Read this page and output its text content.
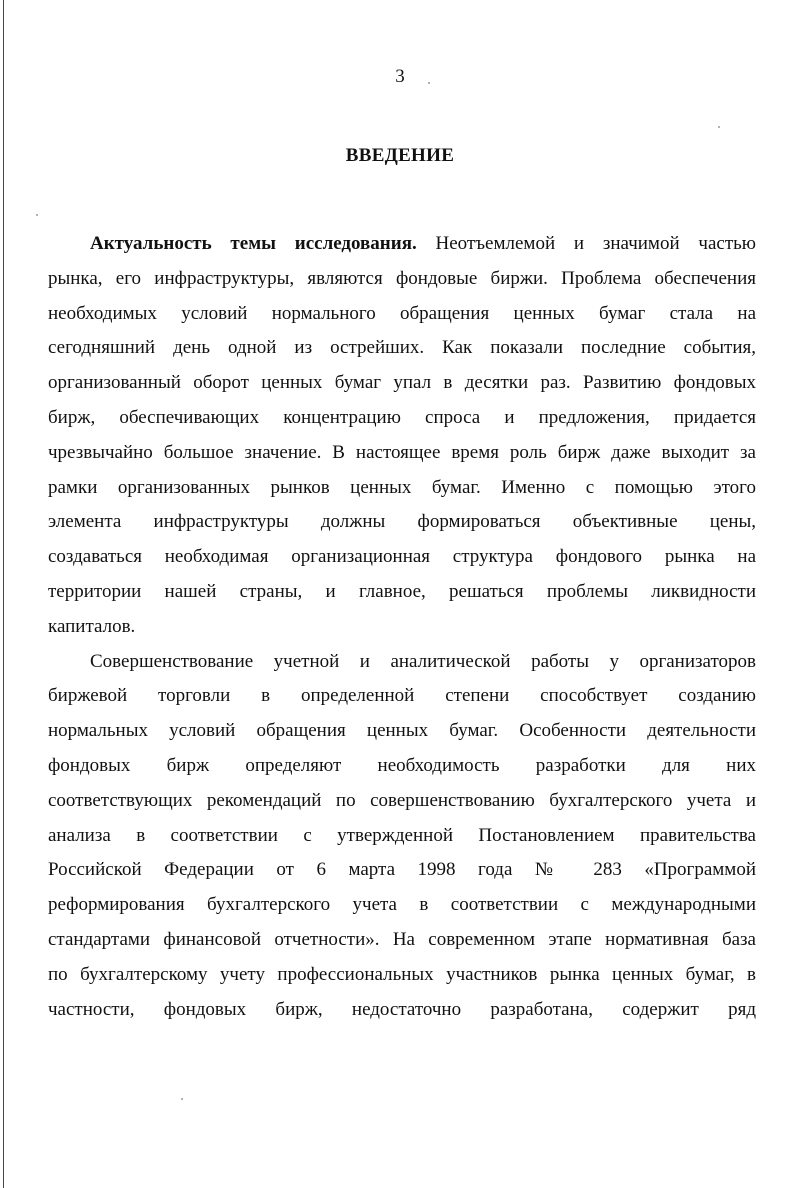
3
ВВЕДЕНИЕ
Актуальность темы исследования. Неотъемлемой и значимой частью
рынка, его инфраструктуры, являются фондовые биржи. Проблема обеспечения
необходимых условий нормального обращения ценных бумаг стала на
сегодняшний день одной из острейших. Как показали последние события,
организованный оборот ценных бумаг упал в десятки раз. Развитию фондовых
бирж, обеспечивающих концентрацию спроса и предложения, придается
чрезвычайно большое значение. В настоящее время роль бирж даже выходит за
рамки организованных рынков ценных бумаг. Именно с помощью этого
элемента инфраструктуры должны формироваться объективные цены,
создаваться необходимая организационная структура фондового рынка на
территории нашей страны, и главное, решаться проблемы ликвидности
капиталов.
Совершенствование учетной и аналитической работы у организаторов
биржевой торговли в определенной степени способствует созданию
нормальных условий обращения ценных бумаг. Особенности деятельности
фондовых бирж определяют необходимость разработки для них
соответствующих рекомендаций по совершенствованию бухгалтерского учета и
анализа в соответствии с утвержденной Постановлением правительства
Российской Федерации от 6 марта 1998 года № 283 «Программой
реформирования бухгалтерского учета в соответствии с международными
стандартами финансовой отчетности». На современном этапе нормативная база
по бухгалтерскому учету профессиональных участников рынка ценных бумаг, в
частности, фондовых бирж, недостаточно разработана, содержит ряд
